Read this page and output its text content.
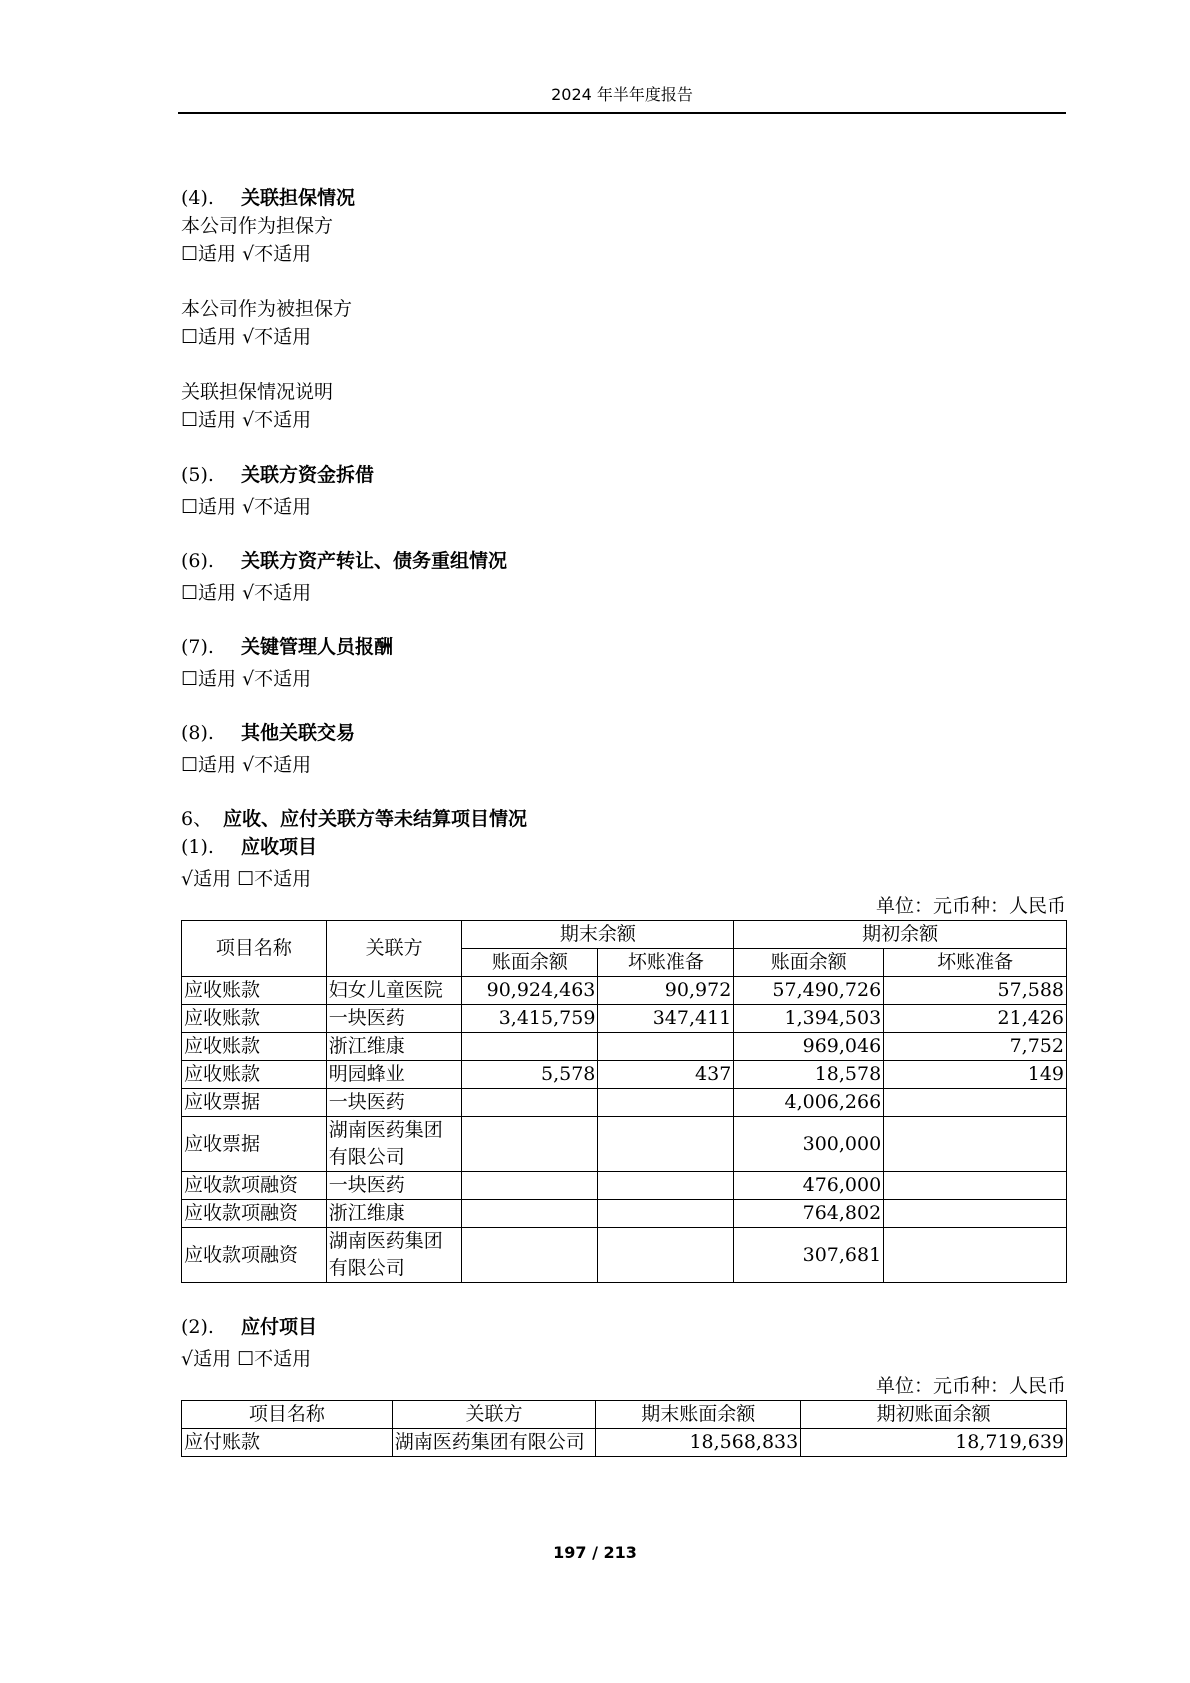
2024 年半年度报告
(4). 关联担保情况
本公司作为担保方
☐适用 √不适用
本公司作为被担保方
☐适用 √不适用
关联担保情况说明
☐适用 √不适用
(5). 关联方资金拆借
☐适用 √不适用
(6). 关联方资产转让、债务重组情况
☐适用 √不适用
(7). 关键管理人员报酬
☐适用 √不适用
(8). 其他关联交易
☐适用 √不适用
6、 应收、应付关联方等未结算项目情况
(1). 应收项目
√适用 ☐不适用
单位：元币种：人民币
项目名称	关联方	期末余额		期初余额	
		账面余额	坏账准备	账面余额	坏账准备
应收账款	妇女儿童医院	90,924,463	90,972	57,490,726	57,588
应收账款	一块医药	3,415,759	347,411	1,394,503	21,426
应收账款	浙江维康			969,046	7,752
应收账款	明园蜂业	5,578	437	18,578	149
应收票据	一块医药			4,006,266	
应收票据	湖南医药集团有限公司			300,000	
应收款项融资	一块医药			476,000	
应收款项融资	浙江维康			764,802	
应收款项融资	湖南医药集团有限公司			307,681	
(2). 应付项目
√适用 ☐不适用
单位：元币种：人民币
项目名称	关联方	期末账面余额	期初账面余额
应付账款	湖南医药集团有限公司	18,568,833	18,719,639
197 / 213
